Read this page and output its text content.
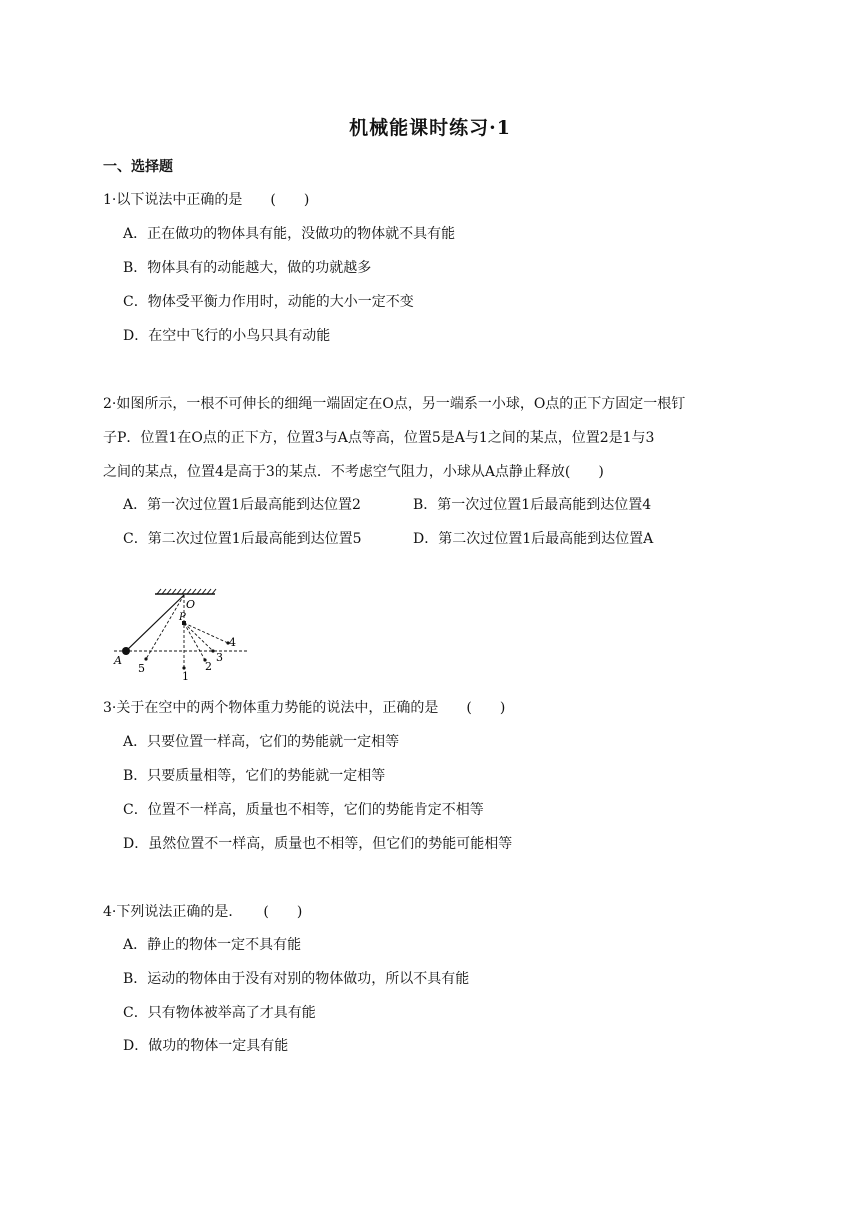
机械能课时练习·1
一、选择题
1·以下说法中正确的是　　(　　)
A．正在做功的物体具有能，没做功的物体就不具有能
B．物体具有的动能越大，做的功就越多
C．物体受平衡力作用时，动能的大小一定不变
D．在空中飞行的小鸟只具有动能
2·如图所示，一根不可伸长的细绳一端固定在O点，另一端系一小球，O点的正下方固定一根钉
子P．位置1在O点的正下方，位置3与A点等高，位置5是A与1之间的某点，位置2是1与3
之间的某点，位置4是高于3的某点．不考虑空气阻力，小球从A点静止释放(　　)
A．第一次过位置1后最高能到达位置2	B．第一次过位置1后最高能到达位置4
C．第二次过位置1后最高能到达位置5	D．第二次过位置1后最高能到达位置A
O
P
A
1
2
3
4
5
3·关于在空中的两个物体重力势能的说法中，正确的是　　(　　)
A．只要位置一样高，它们的势能就一定相等
B．只要质量相等，它们的势能就一定相等
C．位置不一样高，质量也不相等，它们的势能肯定不相等
D．虽然位置不一样高，质量也不相等，但它们的势能可能相等
4·下列说法正确的是．　　(　　)
A．静止的物体一定不具有能
B．运动的物体由于没有对别的物体做功，所以不具有能
C．只有物体被举高了才具有能
D．做功的物体一定具有能
